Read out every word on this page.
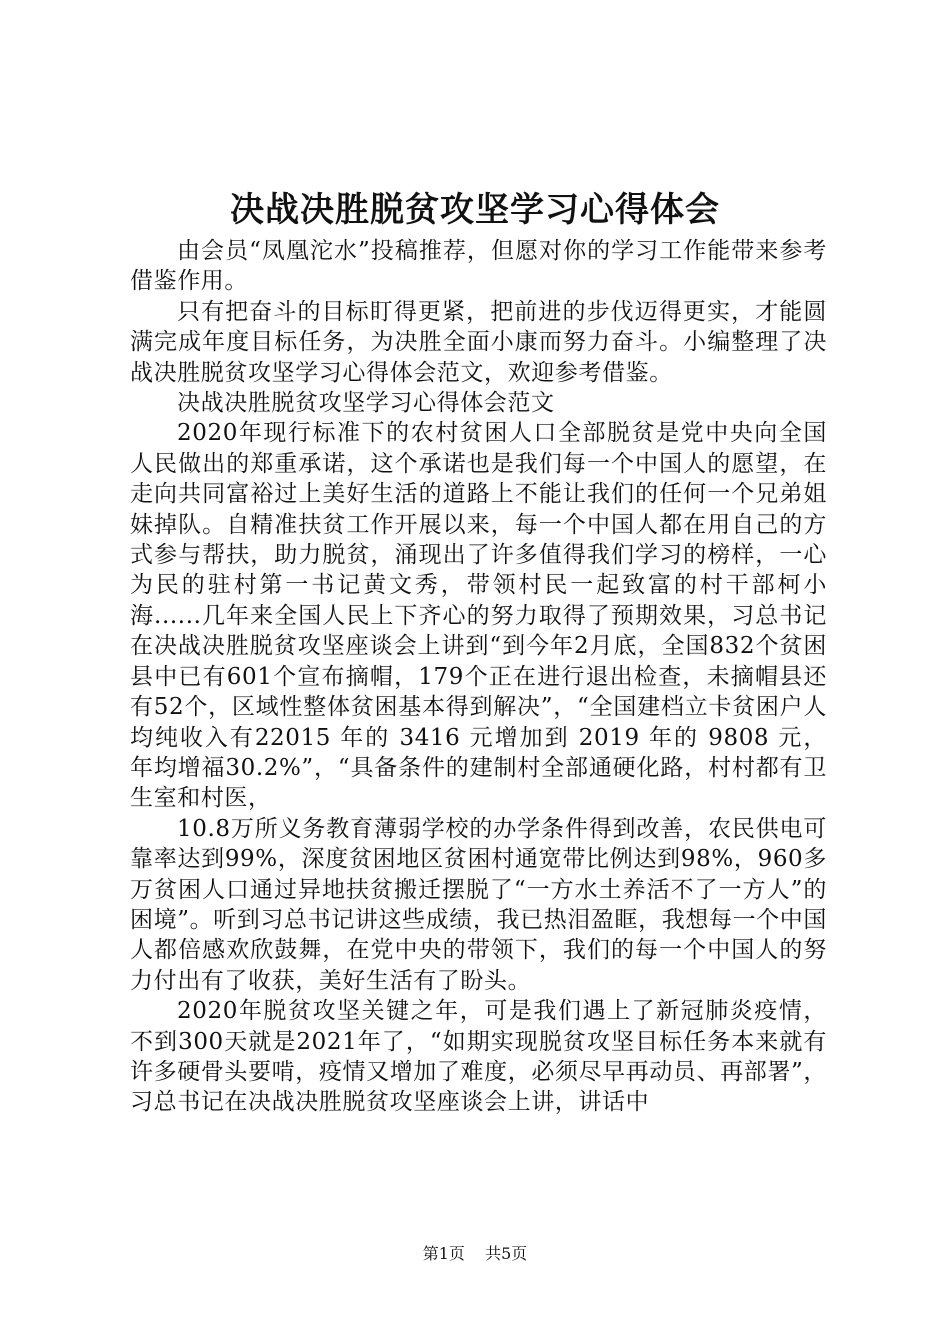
决战决胜脱贫攻坚学习心得体会

由会员“凤凰沱水”投稿推荐，但愿对你的学习工作能带来参考借鉴作用。

只有把奋斗的目标盯得更紧，把前进的步伐迈得更实，才能圆满完成年度目标任务，为决胜全面小康而努力奋斗。小编整理了决战决胜脱贫攻坚学习心得体会范文，欢迎参考借鉴。

决战决胜脱贫攻坚学习心得体会范文

2020年现行标准下的农村贫困人口全部脱贫是党中央向全国人民做出的郑重承诺，这个承诺也是我们每一个中国人的愿望，在走向共同富裕过上美好生活的道路上不能让我们的任何一个兄弟姐妹掉队。自精准扶贫工作开展以来，每一个中国人都在用自己的方式参与帮扶，助力脱贫，涌现出了许多值得我们学习的榜样，一心为民的驻村第一书记黄文秀，带领村民一起致富的村干部柯小海......几年来全国人民上下齐心的努力取得了预期效果，习总书记在决战决胜脱贫攻坚座谈会上讲到“到今年2月底，全国832个贫困县中已有601个宣布摘帽，179个正在进行退出检查，未摘帽县还有52个，区域性整体贫困基本得到解决”，“全国建档立卡贫困户人均纯收入有22015 年的 3416 元增加到 2019 年的 9808 元， 年均增福30.2%”，“具备条件的建制村全部通硬化路，村村都有卫生室和村医，

10.8万所义务教育薄弱学校的办学条件得到改善，农民供电可靠率达到99%，深度贫困地区贫困村通宽带比例达到98%，960多万贫困人口通过异地扶贫搬迁摆脱了“一方水土养活不了一方人”的困境”。听到习总书记讲这些成绩，我已热泪盈眶，我想每一个中国人都倍感欢欣鼓舞，在党中央的带领下，我们的每一个中国人的努力付出有了收获，美好生活有了盼头。

2020年脱贫攻坚关键之年，可是我们遇上了新冠肺炎疫情，不到300天就是2021年了，“如期实现脱贫攻坚目标任务本来就有许多硬骨头要啃，疫情又增加了难度，必须尽早再动员、再部署”，习总书记在决战决胜脱贫攻坚座谈会上讲，讲话中

第1页 共5页
